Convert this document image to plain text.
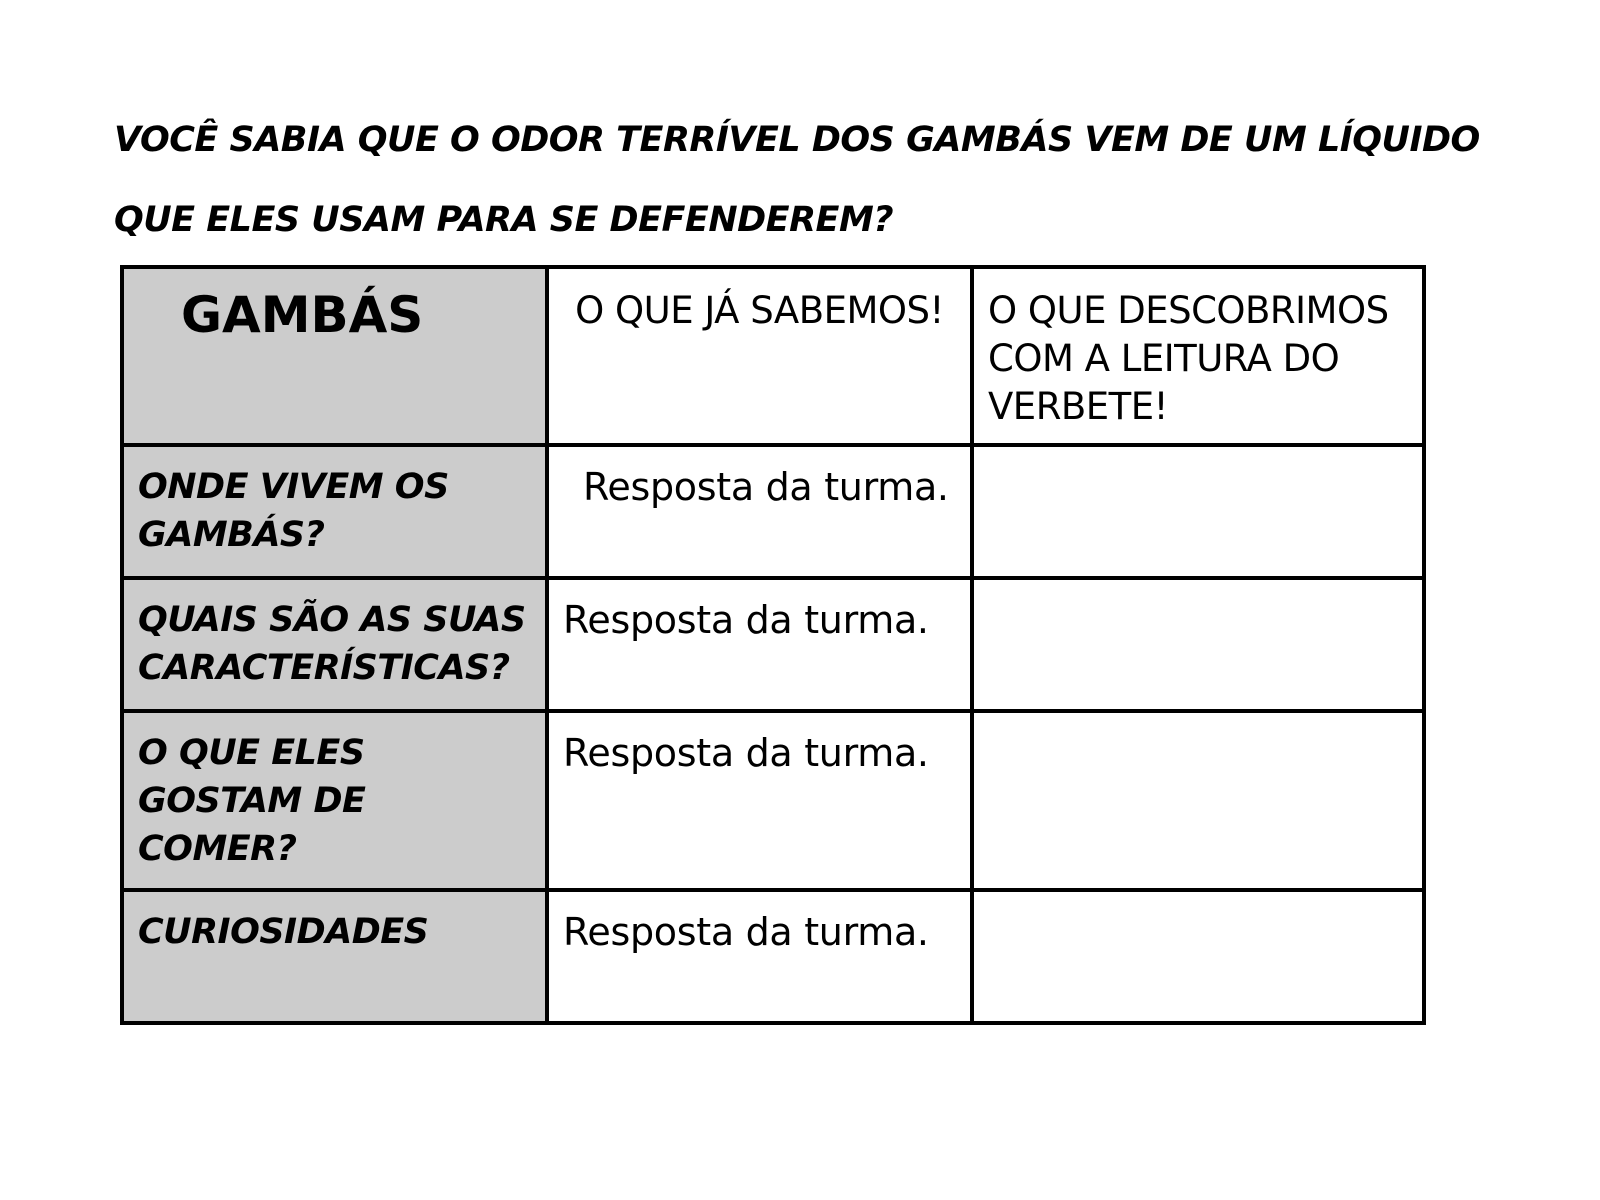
VOCÊ SABIA QUE O ODOR TERRÍVEL DOS GAMBÁS VEM DE UM LÍQUIDO
QUE ELES USAM PARA SE DEFENDEREM?
GAMBÁS	O QUE JÁ SABEMOS!	O QUE DESCOBRIMOS COM A LEITURA DO VERBETE!

ONDE VIVEM OS GAMBÁS?	Resposta da turma.	

QUAIS SÃO AS SUAS CARACTERÍSTICAS?	Resposta da turma.	

O QUE ELES GOSTAM DE COMER?	Resposta da turma.	

CURIOSIDADES	Resposta da turma.	
